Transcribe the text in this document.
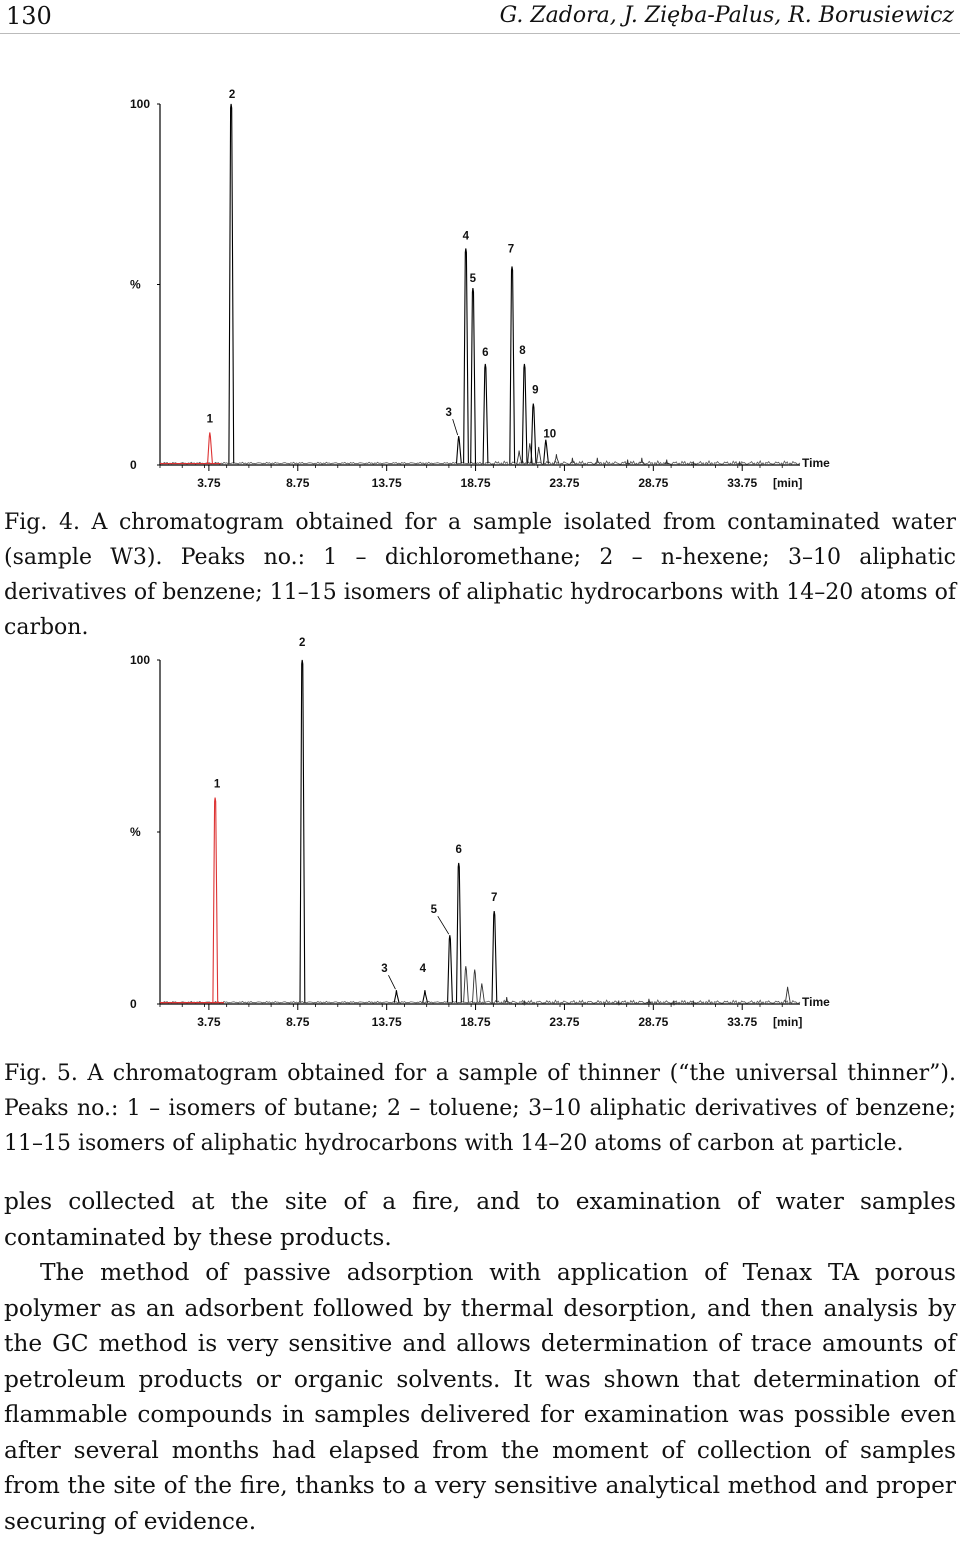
130	G. Zadora, J. Zięba-Palus, R. Borusiewicz
100
%
0
3.75	8.75	13.75	18.75	23.75	28.75	33.75
Time
[min]
1
2
3
4
5
6
7
8
9
10
Fig. 4. A chromatogram obtained for a sample isolated from contaminated water (sample W3). Peaks no.: 1 – dichloromethane; 2 – n-hexene; 3–10 aliphatic derivatives of benzene; 11–15 isomers of aliphatic hydrocarbons with 14–20 atoms of carbon.
100
%
0
3.75	8.75	13.75	18.75	23.75	28.75	33.75
Time
[min]
1
2
3	4
5
6
7
Fig. 5. A chromatogram obtained for a sample of thinner (“the universal thinner”). Peaks no.: 1 – isomers of butane; 2 – toluene; 3–10 aliphatic derivatives of benzene; 11–15 isomers of aliphatic hydrocarbons with 14–20 atoms of carbon at particle.

ples collected at the site of a fire, and to examination of water samples contaminated by these products.

The method of passive adsorption with application of Tenax TA porous polymer as an adsorbent followed by thermal desorption, and then analysis by the GC method is very sensitive and allows determination of trace amounts of petroleum products or organic solvents. It was shown that determination of flammable compounds in samples delivered for examination was possible even after several months had elapsed from the moment of collection of samples from the site of the fire, thanks to a very sensitive analytical method and proper securing of evidence.
